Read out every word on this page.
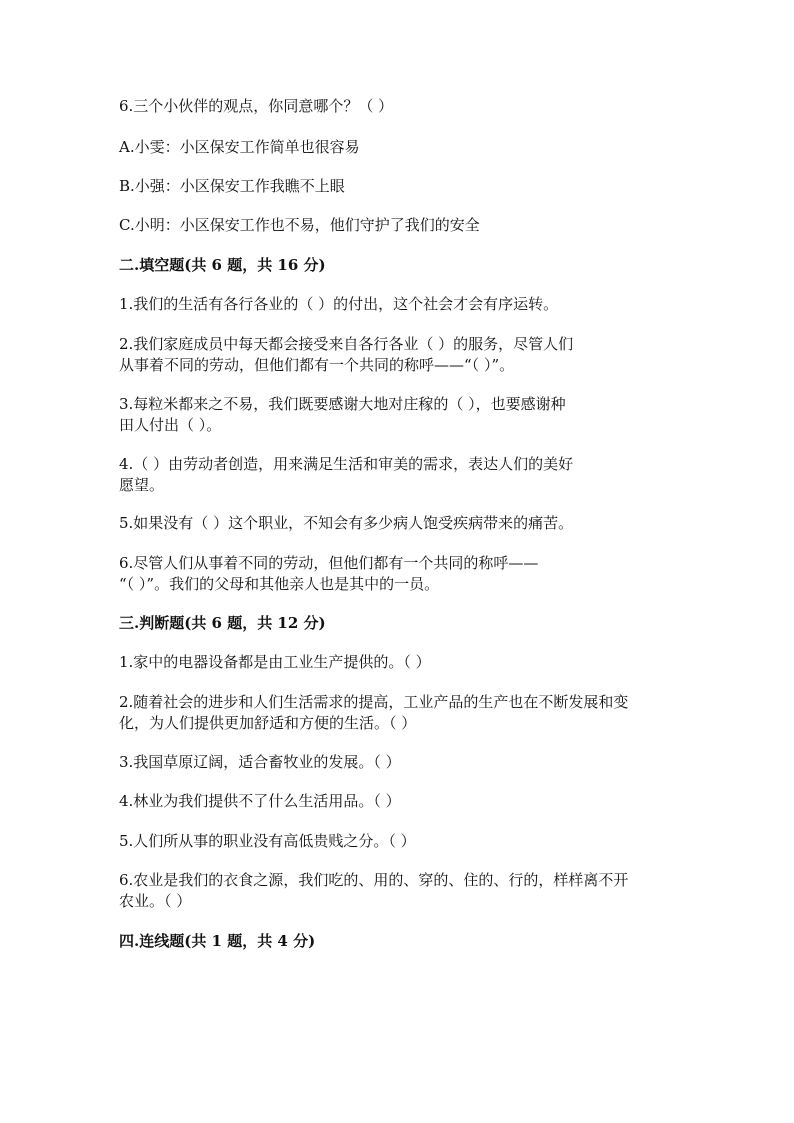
6.三个小伙伴的观点，你同意哪个？（ ）
A.小雯：小区保安工作简单也很容易
B.小强：小区保安工作我瞧不上眼
C.小明：小区保安工作也不易，他们守护了我们的安全
二.填空题(共 6 题，共 16 分)
1.我们的生活有各行各业的（ ）的付出，这个社会才会有序运转。
2.我们家庭成员中每天都会接受来自各行各业（ ）的服务，尽管人们
从事着不同的劳动，但他们都有一个共同的称呼——“（ ）”。
3.每粒米都来之不易，我们既要感谢大地对庄稼的（ ），也要感谢种
田人付出（ ）。
4.（ ）由劳动者创造，用来满足生活和审美的需求，表达人们的美好
愿望。
5.如果没有（ ）这个职业，不知会有多少病人饱受疾病带来的痛苦。
6.尽管人们从事着不同的劳动，但他们都有一个共同的称呼——
“（ ）”。我们的父母和其他亲人也是其中的一员。
三.判断题(共 6 题，共 12 分)
1.家中的电器设备都是由工业生产提供的。（ ）
2.随着社会的进步和人们生活需求的提高，工业产品的生产也在不断发展和变
化，为人们提供更加舒适和方便的生活。（ ）
3.我国草原辽阔，适合畜牧业的发展。（ ）
4.林业为我们提供不了什么生活用品。（ ）
5.人们所从事的职业没有高低贵贱之分。（ ）
6.农业是我们的衣食之源，我们吃的、用的、穿的、住的、行的，样样离不开
农业。（ ）
四.连线题(共 1 题，共 4 分)
